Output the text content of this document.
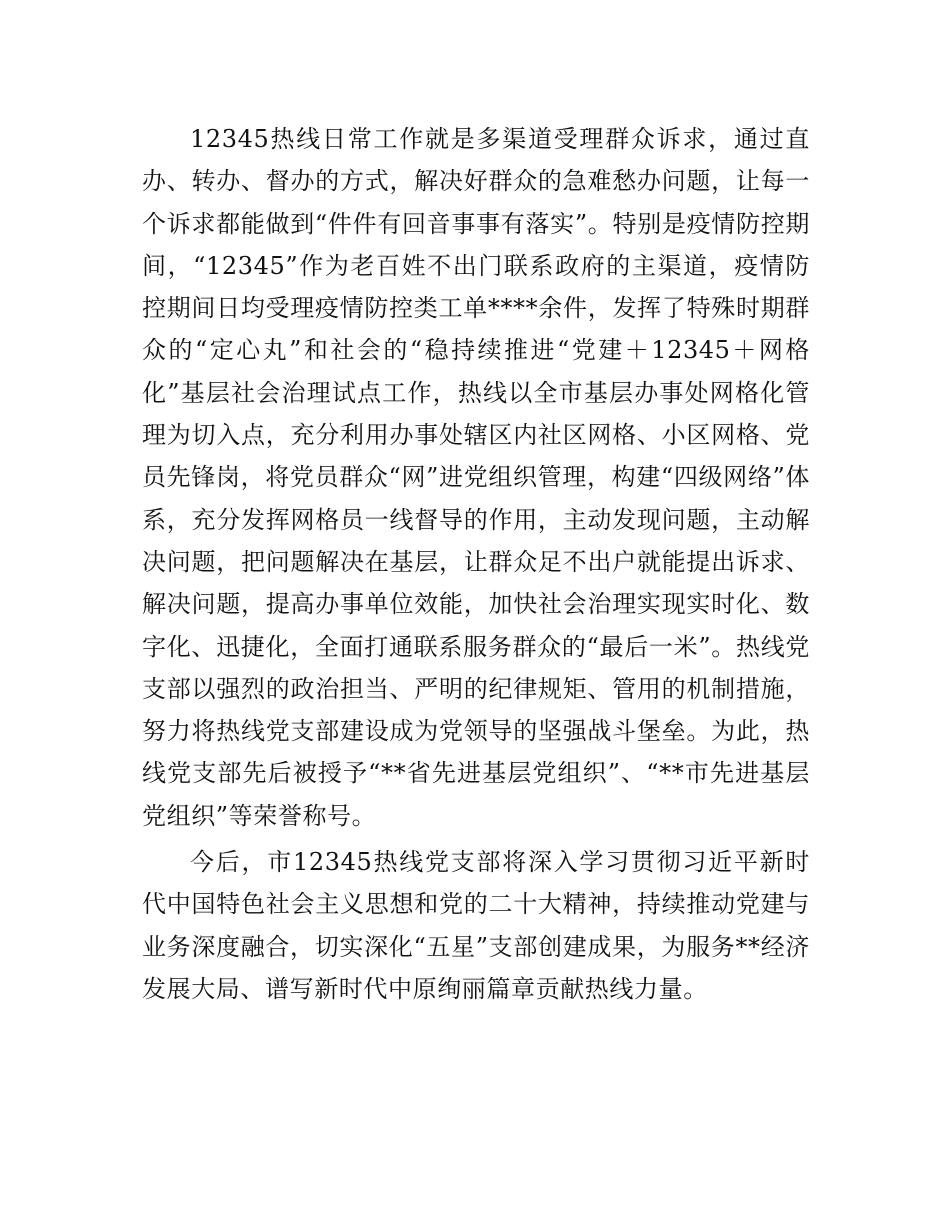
12345热线日常工作就是多渠道受理群众诉求，通过直办、转办、督办的方式，解决好群众的急难愁办问题，让每一个诉求都能做到“件件有回音事事有落实”。特别是疫情防控期间，“12345”作为老百姓不出门联系政府的主渠道，疫情防控期间日均受理疫情防控类工单****余件，发挥了特殊时期群众的“定心丸”和社会的“稳持续推进“党建＋12345＋网格化”基层社会治理试点工作，热线以全市基层办事处网格化管理为切入点，充分利用办事处辖区内社区网格、小区网格、党员先锋岗，将党员群众“网”进党组织管理，构建“四级网络”体系，充分发挥网格员一线督导的作用，主动发现问题，主动解决问题，把问题解决在基层，让群众足不出户就能提出诉求、解决问题，提高办事单位效能，加快社会治理实现实时化、数字化、迅捷化，全面打通联系服务群众的“最后一米”。热线党支部以强烈的政治担当、严明的纪律规矩、管用的机制措施，努力将热线党支部建设成为党领导的坚强战斗堡垒。为此，热线党支部先后被授予“**省先进基层党组织”、“**市先进基层党组织”等荣誉称号。

今后，市12345热线党支部将深入学习贯彻习近平新时代中国特色社会主义思想和党的二十大精神，持续推动党建与业务深度融合，切实深化“五星”支部创建成果，为服务**经济发展大局、谱写新时代中原绚丽篇章贡献热线力量。
